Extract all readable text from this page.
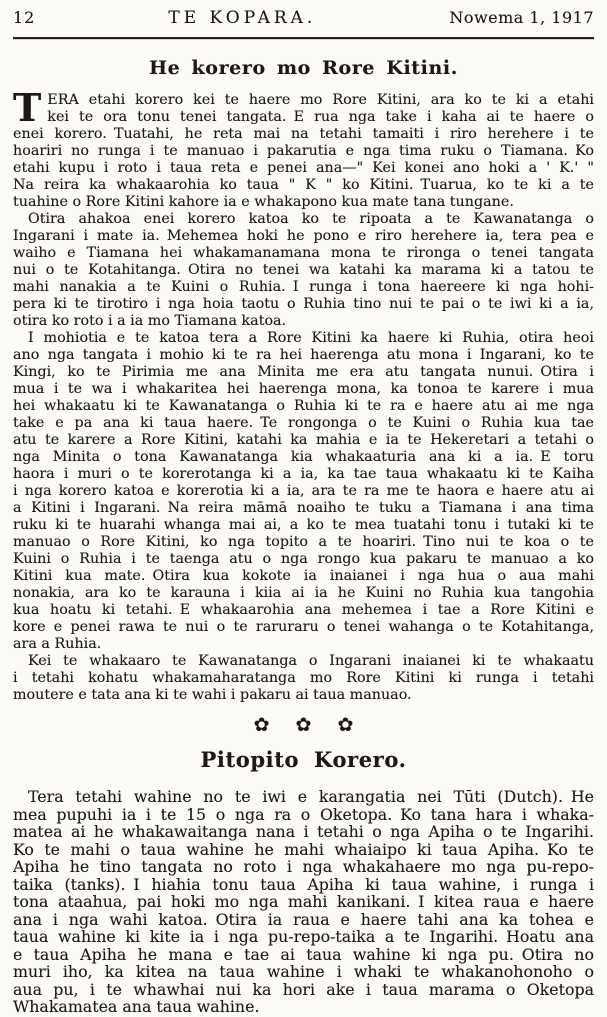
12	TE KOPARA.	Nowema 1, 1917
He korero mo Rore Kitini.
T ERA etahi korero kei te haere mo Rore Kitini, ara ko te ki a etahi
kei te ora tonu tenei tangata. E rua nga take i kaha ai te haere o
enei korero. Tuatahi, he reta mai na tetahi tamaiti i riro herehere i te
hoariri no runga i te manuao i pakarutia e nga tima ruku o Tiamana. Ko
etahi kupu i roto i taua reta e penei ana—" Kei konei ano hoki a ' K.' "
Na reira ka whakaarohia ko taua " K " ko Kitini. Tuarua, ko te ki a te
tuahine o Rore Kitini kahore ia e whakapono kua mate tana tungane.
Otira ahakoa enei korero katoa ko te ripoata a te Kawanatanga o
Ingarani i mate ia. Mehemea hoki he pono e riro herehere ia, tera pea e
waiho e Tiamana hei whakamanamana mona te rironga o tenei tangata
nui o te Kotahitanga. Otira no tenei wa katahi ka marama ki a tatou te
mahi nanakia a te Kuini o Ruhia. I runga i tona haereere ki nga hohi-
pera ki te tirotiro i nga hoia taotu o Ruhia tino nui te pai o te iwi ki a ia,
otira ko roto i a ia mo Tiamana katoa.
I mohiotia e te katoa tera a Rore Kitini ka haere ki Ruhia, otira heoi
ano nga tangata i mohio ki te ra hei haerenga atu mona i Ingarani, ko te
Kingi, ko te Pirimia me ana Minita me era atu tangata nunui. Otira i
mua i te wa i whakaritea hei haerenga mona, ka tonoa te karere i mua
hei whakaatu ki te Kawanatanga o Ruhia ki te ra e haere atu ai me nga
take e pa ana ki taua haere. Te rongonga o te Kuini o Ruhia kua tae
atu te karere a Rore Kitini, katahi ka mahia e ia te Hekeretari a tetahi o
nga Minita o tona Kawanatanga kia whakaaturia ana ki a ia. E toru
haora i muri o te korerotanga ki a ia, ka tae taua whakaatu ki te Kaiha
i nga korero katoa e korerotia ki a ia, ara te ra me te haora e haere atu ai
a Kitini i Ingarani. Na reira māmā noaiho te tuku a Tiamana i ana tima
ruku ki te huarahi whanga mai ai, a ko te mea tuatahi tonu i tutaki ki te
manuao o Rore Kitini, ko nga topito a te hoariri. Tino nui te koa o te
Kuini o Ruhia i te taenga atu o nga rongo kua pakaru te manuao a ko
Kitini kua mate. Otira kua kokote ia inaianei i nga hua o aua mahi
nonakia, ara ko te karauna i kiia ai ia he Kuini no Ruhia kua tangohia
kua hoatu ki tetahi. E whakaarohia ana mehemea i tae a Rore Kitini e
kore e penei rawa te nui o te raruraru o tenei wahanga o te Kotahitanga,
ara a Ruhia.
Kei te whakaaro te Kawanatanga o Ingarani inaianei ki te whakaatu
i tetahi kohatu whakamaharatanga mo Rore Kitini ki runga i tetahi
moutere e tata ana ki te wahi i pakaru ai taua manuao.
✿ ✿ ✿
Pitopito Korero.
Tera tetahi wahine no te iwi e karangatia nei Tūti (Dutch). He
mea pupuhi ia i te 15 o nga ra o Oketopa. Ko tana hara i whaka-
matea ai he whakawaitanga nana i tetahi o nga Apiha o te Ingarihi.
Ko te mahi o taua wahine he mahi whaiaipo ki taua Apiha. Ko te
Apiha he tino tangata no roto i nga whakahaere mo nga pu-repo-
taika (tanks). I hiahia tonu taua Apiha ki taua wahine, i runga i
tona ataahua, pai hoki mo nga mahi kanikani. I kitea raua e haere
ana i nga wahi katoa. Otira ia raua e haere tahi ana ka tohea e
taua wahine ki kite ia i nga pu-repo-taika a te Ingarihi. Hoatu ana
e taua Apiha he mana e tae ai taua wahine ki nga pu. Otira no
muri iho, ka kitea na taua wahine i whaki te whakanohonoho o
aua pu, i te whawhai nui ka hori ake i taua marama o Oketopa
Whakamatea ana taua wahine.
